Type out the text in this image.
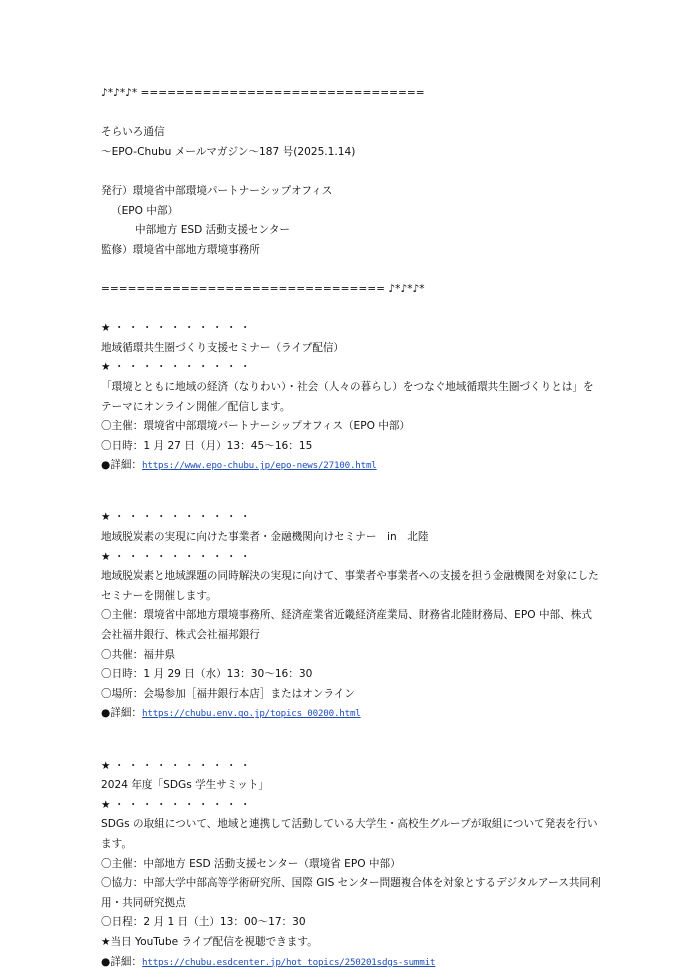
♪*♪*♪* ================================
そらいろ通信
～EPO-Chubu メールマガジン～187 号(2025.1.14)
発行）環境省中部環境パートナーシップオフィス
（EPO 中部）
中部地方 ESD 活動支援センター
監修）環境省中部地方環境事務所
================================ ♪*♪*♪*
★・・・・・・・・・・
地域循環共生圏づくり支援セミナー（ライブ配信）
★・・・・・・・・・・
「環境とともに地域の経済（なりわい）・社会（人々の暮らし）をつなぐ地域循環共生圏づくりとは」をテーマにオンライン開催／配信します。
〇主催：環境省中部環境パートナーシップオフィス（EPO 中部）
〇日時：1 月 27 日（月）13：45～16：15
●詳細：https://www.epo-chubu.jp/epo-news/27100.html
★・・・・・・・・・・
地域脱炭素の実現に向けた事業者・金融機関向けセミナー　in　北陸
★・・・・・・・・・・
地域脱炭素と地域課題の同時解決の実現に向けて、事業者や事業者への支援を担う金融機関を対象にしたセミナーを開催します。
〇主催：環境省中部地方環境事務所、経済産業省近畿経済産業局、財務省北陸財務局、EPO 中部、株式会社福井銀行、株式会社福邦銀行
〇共催：福井県
〇日時：1 月 29 日（水）13：30～16：30
〇場所：会場参加［福井銀行本店］またはオンライン
●詳細：https://chubu.env.go.jp/topics_00200.html
★・・・・・・・・・・
2024 年度「SDGs 学生サミット」
★・・・・・・・・・・
SDGs の取組について、地域と連携して活動している大学生・高校生グループが取組について発表を行います。
〇主催：中部地方 ESD 活動支援センター（環境省 EPO 中部）
〇協力：中部大学中部高等学術研究所、国際 GIS センター問題複合体を対象とするデジタルアース共同利用・共同研究拠点
〇日程：2 月 1 日（土）13：00～17：30
★当日 YouTube ライブ配信を視聴できます。
●詳細：https://chubu.esdcenter.jp/hot_topics/250201sdgs-summit
